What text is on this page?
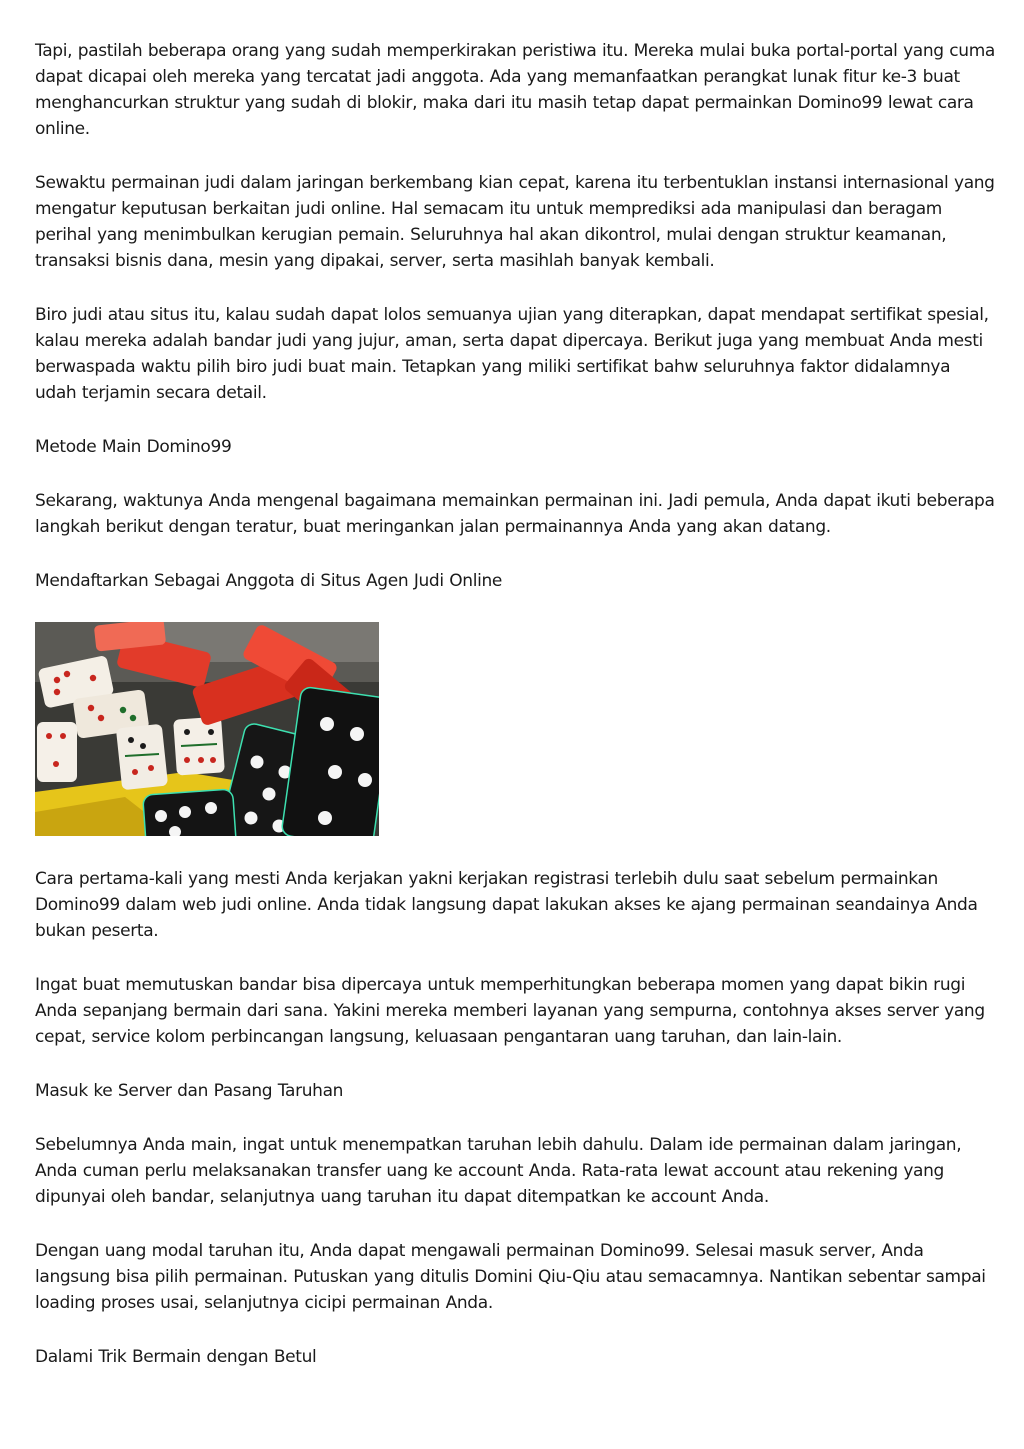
Tapi, pastilah beberapa orang yang sudah memperkirakan peristiwa itu. Mereka mulai buka portal-portal yang cuma dapat dicapai oleh mereka yang tercatat jadi anggota. Ada yang memanfaatkan perangkat lunak fitur ke-3 buat menghancurkan struktur yang sudah di blokir, maka dari itu masih tetap dapat permainkan Domino99 lewat cara online.

Sewaktu permainan judi dalam jaringan berkembang kian cepat, karena itu terbentuklan instansi internasional yang mengatur keputusan berkaitan judi online. Hal semacam itu untuk memprediksi ada manipulasi dan beragam perihal yang menimbulkan kerugian pemain. Seluruhnya hal akan dikontrol, mulai dengan struktur keamanan, transaksi bisnis dana, mesin yang dipakai, server, serta masihlah banyak kembali.

Biro judi atau situs itu, kalau sudah dapat lolos semuanya ujian yang diterapkan, dapat mendapat sertifikat spesial, kalau mereka adalah bandar judi yang jujur, aman, serta dapat dipercaya. Berikut juga yang membuat Anda mesti berwaspada waktu pilih biro judi buat main. Tetapkan yang miliki sertifikat bahw seluruhnya faktor didalamnya udah terjamin secara detail.

Metode Main Domino99

Sekarang, waktunya Anda mengenal bagaimana memainkan permainan ini. Jadi pemula, Anda dapat ikuti beberapa langkah berikut dengan teratur, buat meringankan jalan permainannya Anda yang akan datang.

Mendaftarkan Sebagai Anggota di Situs Agen Judi Online

Cara pertama-kali yang mesti Anda kerjakan yakni kerjakan registrasi terlebih dulu saat sebelum permainkan Domino99 dalam web judi online. Anda tidak langsung dapat lakukan akses ke ajang permainan seandainya Anda bukan peserta.

Ingat buat memutuskan bandar bisa dipercaya untuk memperhitungkan beberapa momen yang dapat bikin rugi Anda sepanjang bermain dari sana. Yakini mereka memberi layanan yang sempurna, contohnya akses server yang cepat, service kolom perbincangan langsung, keluasaan pengantaran uang taruhan, dan lain-lain.

Masuk ke Server dan Pasang Taruhan

Sebelumnya Anda main, ingat untuk menempatkan taruhan lebih dahulu. Dalam ide permainan dalam jaringan, Anda cuman perlu melaksanakan transfer uang ke account Anda. Rata-rata lewat account atau rekening yang dipunyai oleh bandar, selanjutnya uang taruhan itu dapat ditempatkan ke account Anda.

Dengan uang modal taruhan itu, Anda dapat mengawali permainan Domino99. Selesai masuk server, Anda langsung bisa pilih permainan. Putuskan yang ditulis Domini Qiu-Qiu atau semacamnya. Nantikan sebentar sampai loading proses usai, selanjutnya cicipi permainan Anda.

Dalami Trik Bermain dengan Betul
